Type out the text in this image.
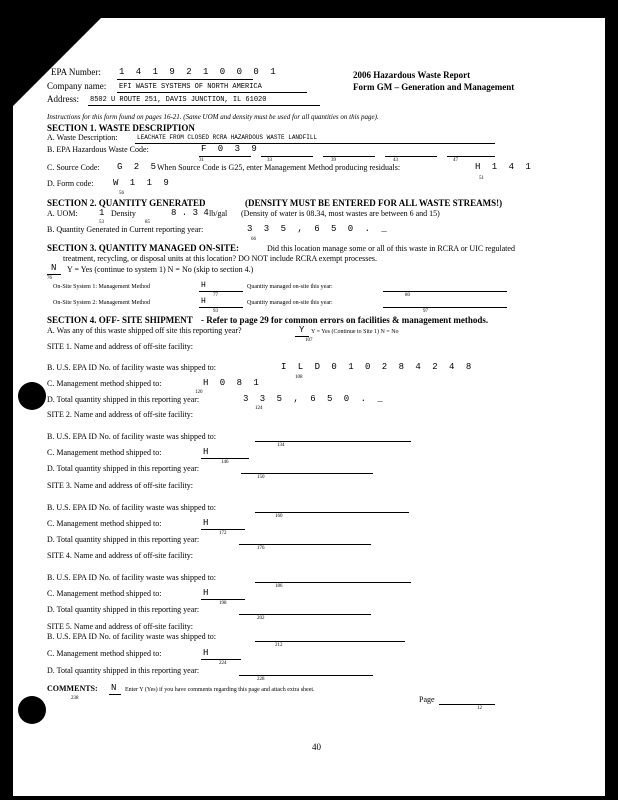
EPA Number: 1 4 1 9 2 1 0 0 0 1
Company name: EFI WASTE SYSTEMS OF NORTH AMERICA
Address: 8502 U ROUTE 251, DAVIS JUNCTION, IL 61020
2006 Hazardous Waste Report
Form GM – Generation and Management
Instructions for this form found on pages 16-21. (Same UOM and density must be used for all quantities on this page).
SECTION 1. WASTE DESCRIPTION
A. Waste Description:	LEACHATE FROM CLOSED RCRA HAZARDOUS WASTE LANDFILL
B. EPA Hazardous Waste Code:	F 0 3 9
31	33	39	43	47
C. Source Code: G 2 5
When Source Code is G25, enter Management Method producing residuals:	H 1 4 1
51
D. Form code: W 1 1 9
56
SECTION 2. QUANTITY GENERATED	(DENSITY MUST BE ENTERED FOR ALL WASTE STREAMS!)
A. UOM: 1
53
Density	8 . 3 4 lb/gal
85
(Density of water is 08.34, most wastes are between 6 and 15)
B. Quantity Generated in Current reporting year:	3 3 5 , 6 5 0 . _
66
SECTION 3. QUANTITY MANAGED ON-SITE:	Did this location manage some or all of this waste in RCRA or UIC regulated
treatment, recycling, or disposal units at this location? DO NOT include RCRA exempt processes.
N
76
Y = Yes (continue to system 1) N = No (skip to section 4.)
On-Site System 1: Management Method	H
77
Quantity managed on-site this year:
80
On-Site System 2: Management Method	H
93
Quantity managed on-site this year:
97
SECTION 4. OFF- SITE SHIPMENT - Refer to page 29 for common errors on facilities & management methods.
A. Was any of this waste shipped off site this reporting year?	Y Y = Yes (Continue to Site 1) N = No
107
SITE 1. Name and address of off-site facility:
B. U.S. EPA ID No. of facility waste was shipped to:	I L D 0 1 0 2 8 4 2 4 8
108
C. Management method shipped to:	H 0 8 1
120
D. Total quantity shipped in this reporting year:	3 3 5 , 6 5 0 . _
124
SITE 2. Name and address of off-site facility:
B. U.S. EPA ID No. of facility waste was shipped to:
134
C. Management method shipped to:	H
146
D. Total quantity shipped in this reporting year:
150
SITE 3. Name and address of off-site facility:
B. U.S. EPA ID No. of facility waste was shipped to:
160
C. Management method shipped to:	H
172
D. Total quantity shipped in this reporting year:
176
SITE 4. Name and address of off-site facility:
B. U.S. EPA ID No. of facility waste was shipped to:
186
C. Management method shipped to:	H
198
D. Total quantity shipped in this reporting year:
202
SITE 5. Name and address of off-site facility:
B. U.S. EPA ID No. of facility waste was shipped to:
212
C. Management method shipped to:	H
224
D. Total quantity shipped in this reporting year:
228
COMMENTS: N Enter Y (Yes) if you have comments regarding this page and attach extra sheet.
238	Page
12
40
